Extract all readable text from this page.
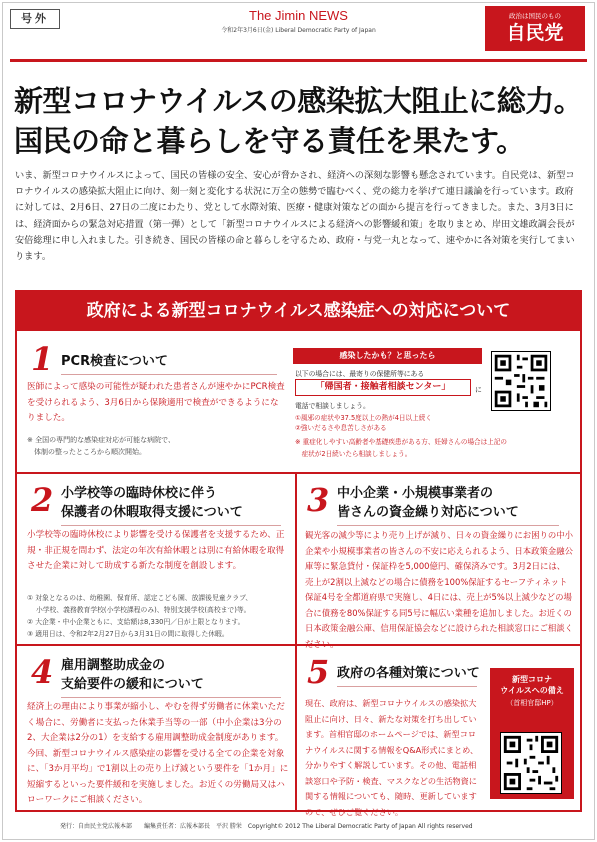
号外	The Jimin NEWS
令和2年3月6日(金) Liberal Democratic Party of Japan
政治は国民のもの
自民党
新型コロナウイルスの感染拡大阻止に総力。
国民の命と暮らしを守る責任を果たす。

いま、新型コロナウイルスによって、国民の皆様の安全、安心が脅かされ、経済への深刻な影響も懸念されています。自民党は、新型コロナウイルスの感染拡大阻止に向け、刻一刻と変化する状況に万全の態勢で臨むべく、党の総力を挙げて連日議論を行っています。政府に対しては、2月6日、27日の二度にわたり、党として水際対策、医療・健康対策などの面から提言を行ってきました。また、3月3日には、経済面からの緊急対応措置（第一弾）として「新型コロナウイルスによる経済への影響緩和策」を取りまとめ、岸田文雄政調会長が安倍総理に申し入れました。引き続き、国民の皆様の命と暮らしを守るため、政府・与党一丸となって、速やかに各対策を実行してまいります。

政府による新型コロナウイルス感染症への対応について
1 PCR検査について
医師によって感染の可能性が疑われた患者さんが速やかにPCR検査を受けられるよう、3月6日から保険適用で検査ができるようになりました。
※ 全国の専門的な感染症対応が可能な病院で、
　体制の整ったところから順次開始。
感染したかも？と思ったら
以下の場合には、最寄りの保健所等にある
「帰国者・接触者相談センター」	に
電話で相談しましょう。
①風邪の症状や37.5度以上の熱が4日以上続く
②強いだるさや息苦しさがある
※ 重症化しやすい高齢者や基礎疾患がある方、妊婦さんの場合は上記の
　症状が2日続いたら相談しましょう。
2 小学校等の臨時休校に伴う
保護者の休暇取得支援について
小学校等の臨時休校により影響を受ける保護者を支援するため、正規・非正規を問わず、法定の年次有給休暇とは別に有給休暇を取得させた企業に対して助成する新たな制度を創設します。
① 対象となるのは、幼稚園、保育所、認定こども園、放課後児童クラブ、
　 小学校、義務教育学校(小学校課程のみ)、特別支援学校(高校まで)等。
② 大企業・中小企業ともに、支給額は8,330円／日が上限となります。
③ 適用日は、令和2年2月27日から3月31日の間に取得した休暇。
3 中小企業・小規模事業者の
皆さんの資金繰り対応について
観光客の減少等により売り上げが減り、日々の資金繰りにお困りの中小企業や小規模事業者の皆さんの不安に応えられるよう、日本政策金融公庫等に緊急貸付・保証枠を5,000億円、確保済みです。3月2日には、売上が2割以上減などの場合に債務を100%保証するセーフティネット保証4号を全都道府県で実施し、4日には、売上が5%以上減少などの場合に債務を80%保証する同5号に幅広い業種を追加しました。お近くの日本政策金融公庫、信用保証協会などに設けられた相談窓口にご相談く
4 雇用調整助成金の
支給要件の緩和について
経済上の理由により事業が縮小し、やむを得ず労働者に休業いただく場合に、労働者に支払った休業手当等の一部（中小企業は3分の2、大企業は2分の1）を支給する雇用調整助成金制度があります。今回、新型コロナウイルス感染症の影響を受ける全ての企業を対象に、「3か月平均」で1割以上の売り上げ減という要件を「1か月」に短縮するといった要件緩和を実施しました。お近くの労働局又はハローワークにご相談ください。
5 政府の各種対策について
現在、政府は、新型コロナウイルスの感染拡大阻止に向け、日々、新たな対策を打ち出しています。首相官邸のホームページでは、新型コロナウイルスに関する情報をQ&A形式にまとめ、分かりやすく解説しています。その他、電話相談窓口や予防・検査、マスクなどの生活物資に関する情報についても、随時、更新していますので、ぜひご覧ください。
新型コロナ
ウイルスへの備え
（首相官邸HP）
発行：自由民主党広報本部　　編集責任者：広報本部長　平沢 勝栄　Copyright© 2012 The Liberal Democratic Party of Japan All rights reserved
